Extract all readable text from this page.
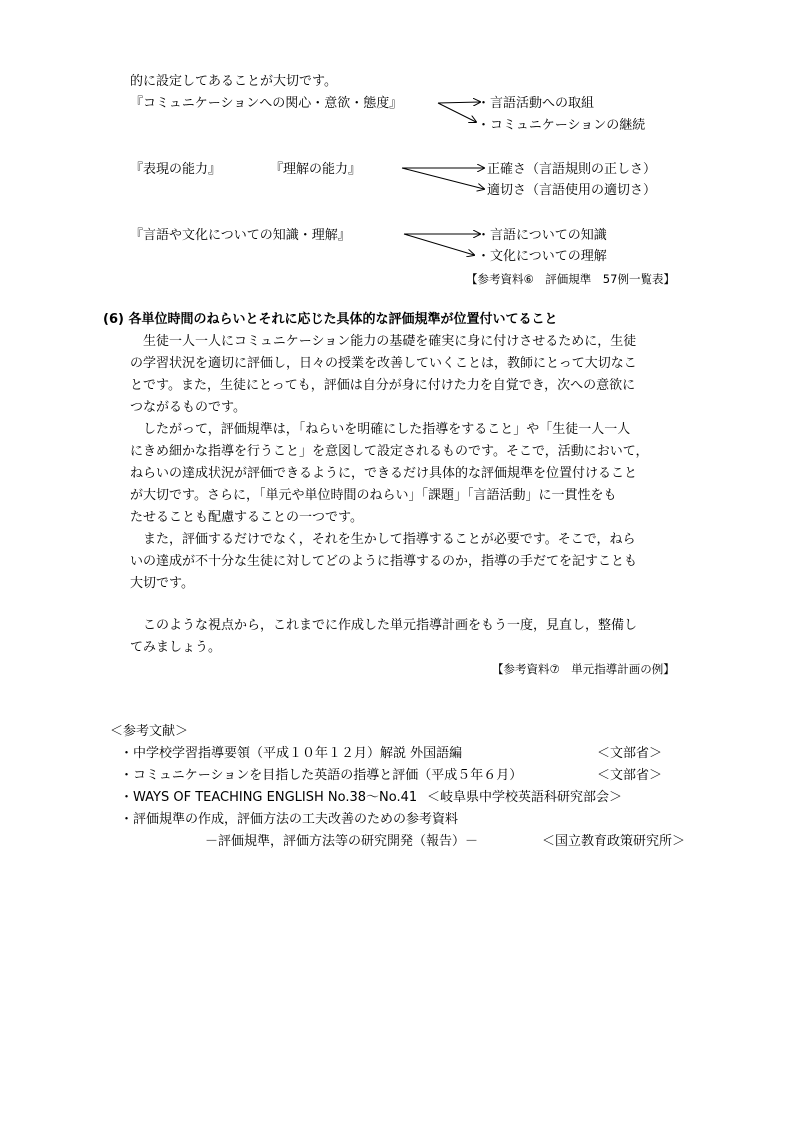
的に設定してあることが大切です。
『コミュニケーションへの関心・意欲・態度』	・言語活動への取組
・コミュニケーションの継続
『表現の能力』	『理解の能力』	正確さ（言語規則の正しさ）
適切さ（言語使用の適切さ）
『言語や文化についての知識・理解』	・言語についての知識
・文化についての理解
【参考資料⑥　評価規準　57例一覧表】
(6) 各単位時間のねらいとそれに応じた具体的な評価規準が位置付いてること
　生徒一人一人にコミュニケーション能力の基礎を確実に身に付けさせるために，生徒
の学習状況を適切に評価し，日々の授業を改善していくことは，教師にとって大切なこ
とです。また，生徒にとっても，評価は自分が身に付けた力を自覚でき，次への意欲に
つながるものです。
　したがって，評価規準は，「ねらいを明確にした指導をすること」や「生徒一人一人
にきめ細かな指導を行うこと」を意図して設定されるものです。そこで，活動において，
ねらいの達成状況が評価できるように，できるだけ具体的な評価規準を位置付けること
が大切です。さらに，「単元や単位時間のねらい」「課題」「言語活動」に一貫性をも
たせることも配慮することの一つです。
　また，評価するだけでなく，それを生かして指導することが必要です。そこで，ねら
いの達成が不十分な生徒に対してどのように指導するのか，指導の手だてを記すことも
大切です。
　このような視点から，これまでに作成した単元指導計画をもう一度，見直し，整備し
てみましょう。
【参考資料⑦　単元指導計画の例】
＜参考文献＞
・中学校学習指導要領（平成１０年１２月）解説 外国語編	＜文部省＞
・コミュニケーションを目指した英語の指導と評価（平成５年６月）	＜文部省＞
・WAYS OF TEACHING ENGLISH No.38～No.41 ＜岐阜県中学校英語科研究部会＞
・評価規準の作成，評価方法の工夫改善のための参考資料
－評価規準，評価方法等の研究開発（報告）－	＜国立教育政策研究所＞
